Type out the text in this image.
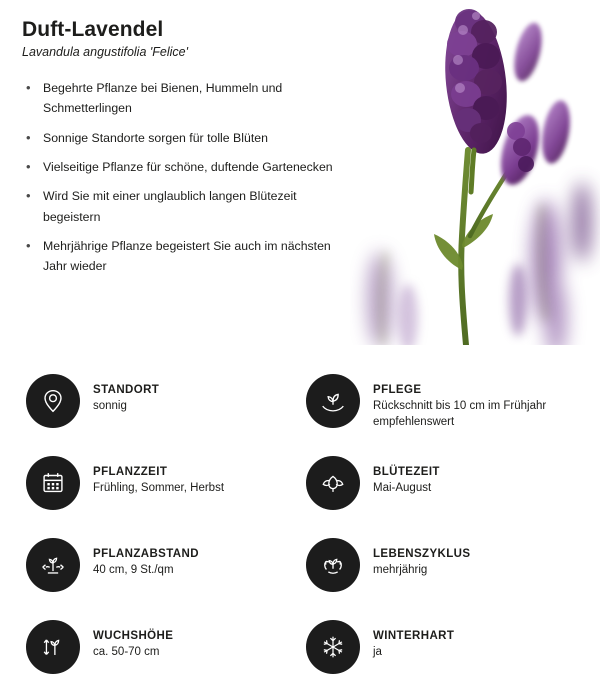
Duft-Lavendel
Lavandula angustifolia 'Felice'
• Begehrte Pflanze bei Bienen, Hummeln und Schmetterlingen
• Sonnige Standorte sorgen für tolle Blüten
• Vielseitige Pflanze für schöne, duftende Gartenecken
• Wird Sie mit einer unglaublich langen Blütezeit begeistern
• Mehrjährige Pflanze begeistert Sie auch im nächsten Jahr wieder
STANDORT
sonnig
PFLEGE
Rückschnitt bis 10 cm im Frühjahr empfehlenswert
PFLANZZEIT
Frühling, Sommer, Herbst
BLÜTEZEIT
Mai-August
PFLANZABSTAND
40 cm, 9 St./qm
LEBENSZYKLUS
mehrjährig
WUCHSHÖHE
ca. 50-70 cm
WINTERHART
ja
